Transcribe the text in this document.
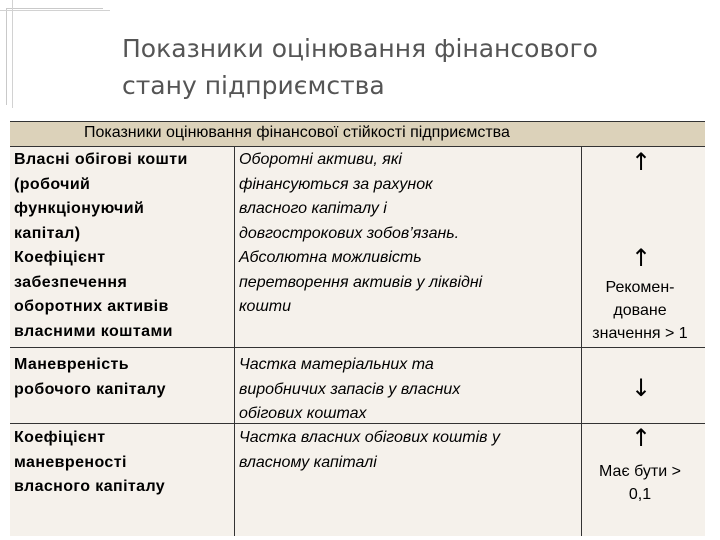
Показники оцінювання фінансового
стану підприємства
Показники оцінювання фінансової стійкості підприємства
Власні обігові кошти
(робочий
функціонуючий
капітал)
Оборотні активи, які
фінансуються за рахунок
власного капіталу і
довгострокових зобов’язань.
↑
Коефіцієнт
забезпечення
оборотних активів
власними коштами
Абсолютна можливість
перетворення активів у ліквідні
кошти
↑
Рекомен-
доване
значення > 1
Маневреність
робочого капіталу
Частка матеріальних та
виробничих запасів у власних
обігових коштах
↓
Коефіцієнт
маневреності
власного капіталу
Частка власних обігових коштів у
власному капіталі
↑
Має бути >
0,1
